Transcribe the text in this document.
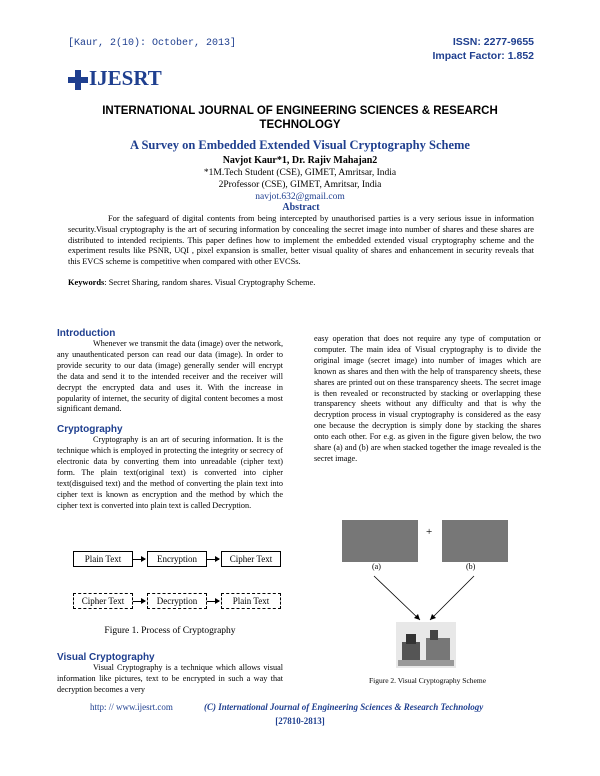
[Kaur, 2(10): October, 2013]	ISSN: 2277-9655
Impact Factor: 1.852
IJESRT
INTERNATIONAL JOURNAL OF ENGINEERING SCIENCES & RESEARCH
TECHNOLOGY
A Survey on Embedded Extended Visual Cryptography Scheme
Navjot Kaur*1, Dr. Rajiv Mahajan2
*1M.Tech Student (CSE), GIMET, Amritsar, India
2Professor (CSE), GIMET, Amritsar, India
navjot.632@gmail.com
Abstract

For the safeguard of digital contents from being intercepted by unauthorised parties is a very serious issue in information security.Visual cryptography is the art of securing information by concealing the secret image into number of shares and these shares are distributed to intended recipients. This paper defines how to implement the embedded extended visual cryptography scheme and the experiment results like PSNR, UQI , pixel expansion is smaller, better visual quality of shares and enhancement in security reveals that this EVCS scheme is competitive when compared with other EVCSs.

Keywords: Secret Sharing, random shares. Visual Cryptography Scheme.

Introduction

Whenever we transmit the data (image) over the network, any unauthenticated person can read our data (image). In order to provide security to our data (image) generally sender will encrypt the data and send it to the intended receiver and the receiver will decrypt the encrypted data and uses it. With the increase in popularity of internet, the security of digital content becomes a most significant demand.

Cryptography

Cryptography is an art of securing information. It is the technique which is employed in protecting the integrity or secrecy of electronic data by converting them into unreadable (cipher text) form. The plain text(original text) is converted into cipher text(disguised text) and the method of converting the plain text into cipher text is known as encryption and the method by which the cipher text is converted into plain text is called Decryption.

Plain Text	Encryption	Cipher Text
Cipher Text	Decryption	Plain Text
Figure 1. Process of Cryptography
Visual Cryptography

Visual Cryptography is a technique which allows visual information like pictures, text to be encrypted in such a way that decryption becomes a very

easy operation that does not require any type of computation or computer. The main idea of Visual cryptography is to divide the original image (secret image) into number of images which are known as shares and then with the help of transparency sheets, these shares are printed out on these transparency sheets. The secret image is then revealed or reconstructed by stacking or overlapping these transparency sheets without any difficulty and that is why the decryption process in visual cryptography is considered as the easy one because the decryption is simply done by stacking the shares onto each other. For e.g. as given in the figure given below, the two share (a) and (b) are when stacked together the image revealed is the secret image.

+
(a)	(b)
Figure 2. Visual Cryptography Scheme
http: // www.ijesrt.com	(C) International Journal of Engineering Sciences & Research Technology
[27810-2813]
